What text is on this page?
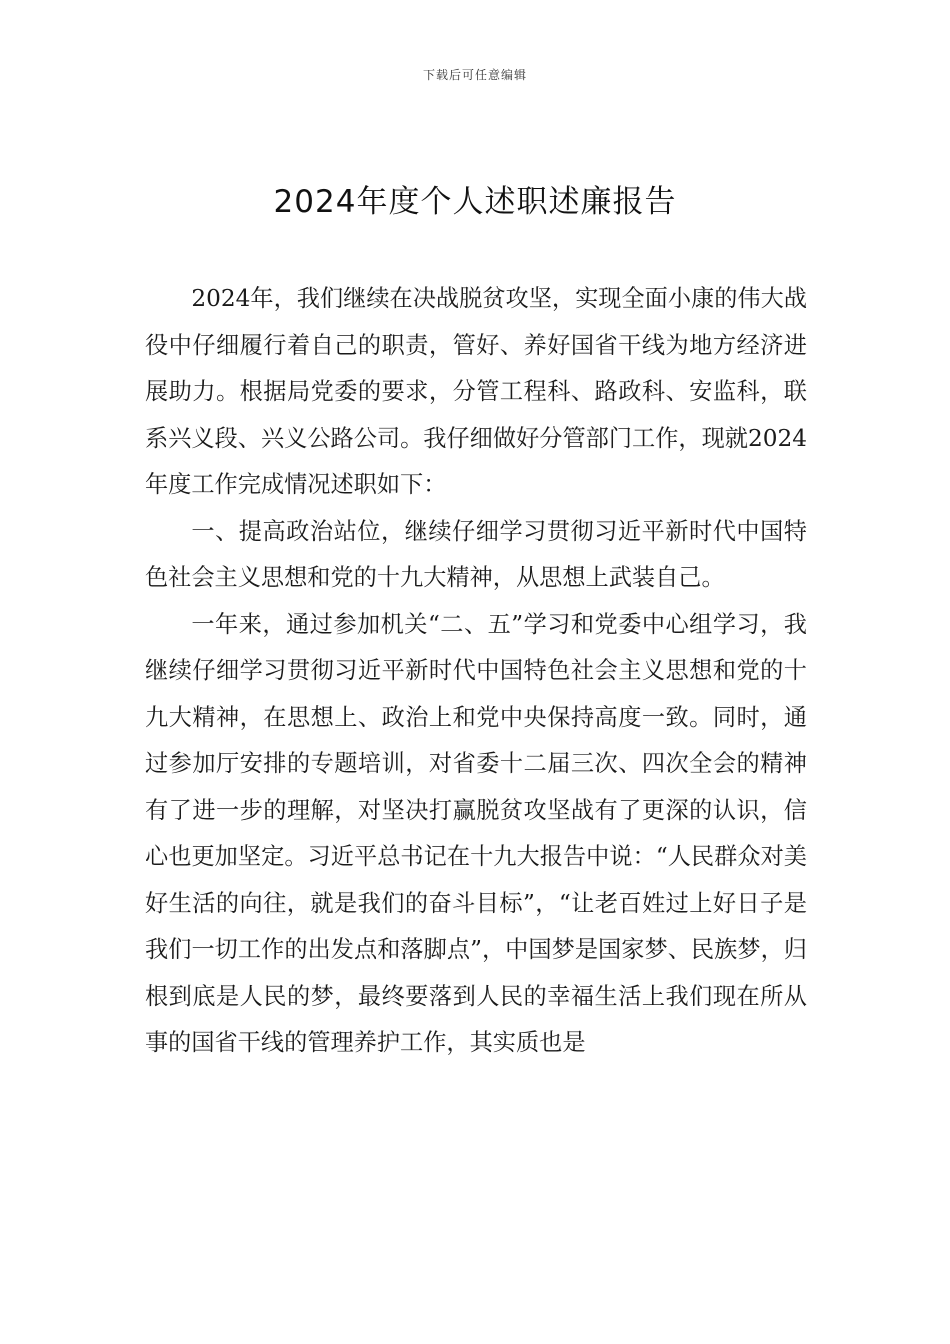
下载后可任意编辑
2024年度个人述职述廉报告

2024年，我们继续在决战脱贫攻坚，实现全面小康的伟大战役中仔细履行着自己的职责，管好、养好国省干线为地方经济进展助力。根据局党委的要求，分管工程科、路政科、安监科，联系兴义段、兴义公路公司。我仔细做好分管部门工作，现就2024年度工作完成情况述职如下：

一、提高政治站位，继续仔细学习贯彻习近平新时代中国特色社会主义思想和党的十九大精神，从思想上武装自己。

一年来，通过参加机关“二、五”学习和党委中心组学习，我继续仔细学习贯彻习近平新时代中国特色社会主义思想和党的十九大精神，在思想上、政治上和党中央保持高度一致。同时，通过参加厅安排的专题培训，对省委十二届三次、四次全会的精神有了进一步的理解，对坚决打赢脱贫攻坚战有了更深的认识，信心也更加坚定。习近平总书记在十九大报告中说：“人民群众对美好生活的向往，就是我们的奋斗目标”，“让老百姓过上好日子是我们一切工作的出发点和落脚点”，中国梦是国家梦、民族梦，归根到底是人民的梦，最终要落到人民的幸福生活上我们现在所从事的国省干线的管理养护工作，其实质也是
